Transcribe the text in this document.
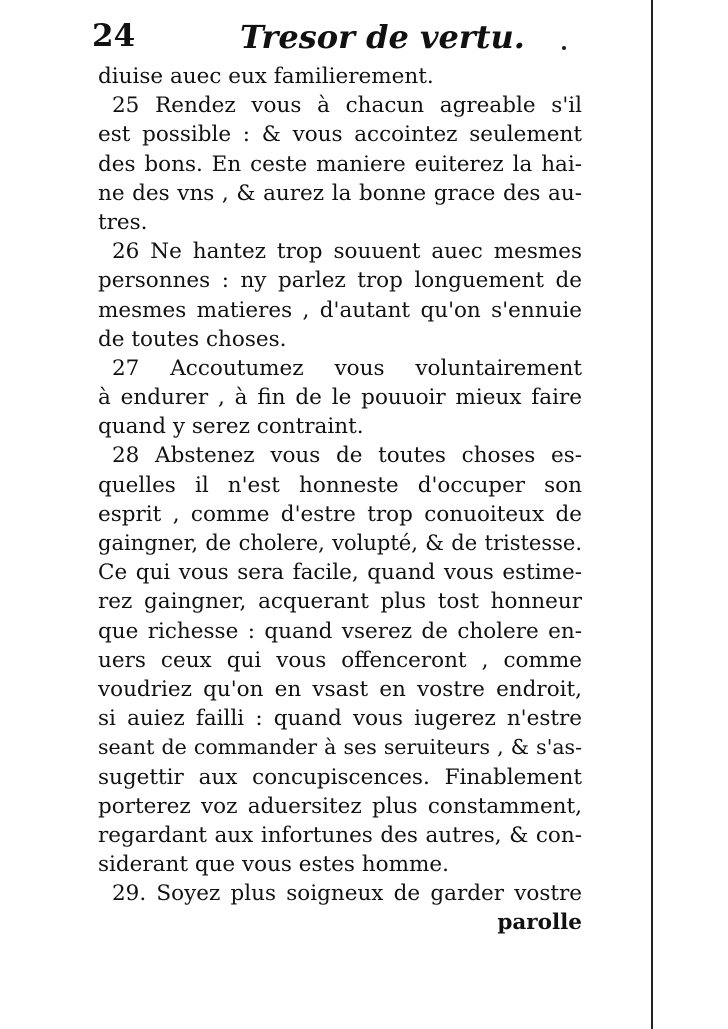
24	Tresor de vertu.
diuise auec eux familierement.
25 Rendez vous à chacun agreable s'il
est possible : & vous accointez seulement
des bons. En ceste maniere euiterez la hai-
ne des vns , & aurez la bonne grace des au-
tres.
26 Ne hantez trop souuent auec mesmes
personnes : ny parlez trop longuement de
mesmes matieres , d'autant qu'on s'ennuie
de toutes choses.
27 Accoutumez vous voluntairement
à endurer , à fin de le pouuoir mieux faire
quand y serez contraint.
28 Abstenez vous de toutes choses es-
quelles il n'est honneste d'occuper son
esprit , comme d'estre trop conuoiteux de
gaingner, de cholere, volupté, & de tristesse.
Ce qui vous sera facile, quand vous estime-
rez gaingner, acquerant plus tost honneur
que richesse : quand vserez de cholere en-
uers ceux qui vous offenceront , comme
voudriez qu'on en vsast en vostre endroit,
si auiez failli : quand vous iugerez n'estre
seant de commander à ses seruiteurs , & s'as-
sugettir aux concupiscences. Finablement
porterez voz aduersitez plus constamment,
regardant aux infortunes des autres, & con-
siderant que vous estes homme.
29. Soyez plus soigneux de garder vostre
parolle
